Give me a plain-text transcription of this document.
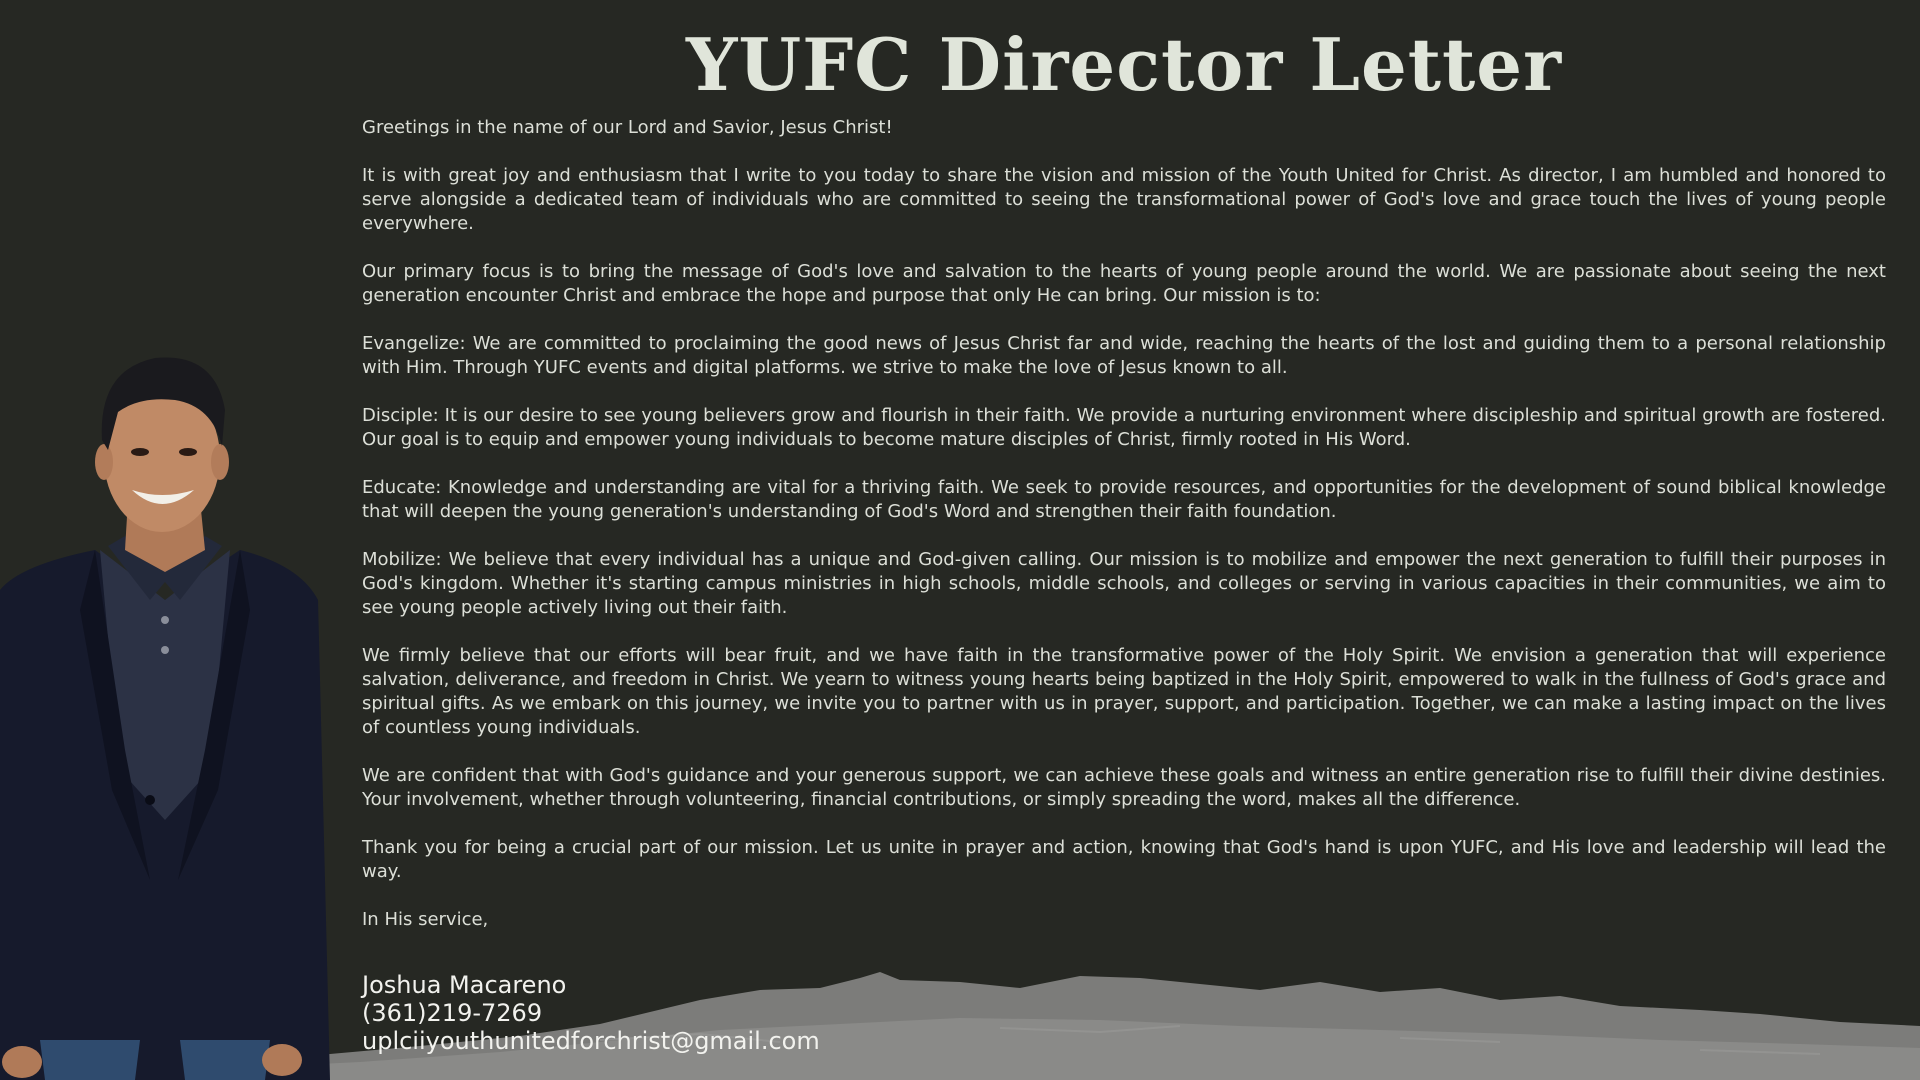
YUFC Director Letter

Greetings in the name of our Lord and Savior, Jesus Christ!

It is with great joy and enthusiasm that I write to you today to share the vision and mission of the Youth United for Christ. As director, I am humbled and honored to serve alongside a dedicated team of individuals who are committed to seeing the transformational power of God's love and grace touch the lives of young people everywhere.

Our primary focus is to bring the message of God's love and salvation to the hearts of young people around the world. We are passionate about seeing the next generation encounter Christ and embrace the hope and purpose that only He can bring. Our mission is to:

Evangelize: We are committed to proclaiming the good news of Jesus Christ far and wide, reaching the hearts of the lost and guiding them to a personal relationship with Him. Through YUFC events and digital platforms. we strive to make the love of Jesus known to all.

Disciple: It is our desire to see young believers grow and flourish in their faith. We provide a nurturing environment where discipleship and spiritual growth are fostered. Our goal is to equip and empower young individuals to become mature disciples of Christ, firmly rooted in His Word.

Educate: Knowledge and understanding are vital for a thriving faith. We seek to provide resources, and opportunities for the development of sound biblical knowledge that will deepen the young generation's understanding of God's Word and strengthen their faith foundation.

Mobilize: We believe that every individual has a unique and God-given calling. Our mission is to mobilize and empower the next generation to fulfill their purposes in God's kingdom. Whether it's starting campus ministries in high schools, middle schools, and colleges or serving in various capacities in their communities, we aim to see young people actively living out their faith.

We firmly believe that our efforts will bear fruit, and we have faith in the transformative power of the Holy Spirit. We envision a generation that will experience salvation, deliverance, and freedom in Christ. We yearn to witness young hearts being baptized in the Holy Spirit, empowered to walk in the fullness of God's grace and spiritual gifts. As we embark on this journey, we invite you to partner with us in prayer, support, and participation. Together, we can make a lasting impact on the lives of countless young individuals.

We are confident that with God's guidance and your generous support, we can achieve these goals and witness an entire generation rise to fulfill their divine destinies. Your involvement, whether through volunteering, financial contributions, or simply spreading the word, makes all the difference.

Thank you for being a crucial part of our mission. Let us unite in prayer and action, knowing that God's hand is upon YUFC, and His love and leadership will lead the way.

In His service,

Joshua Macareno
(361)219-7269
uplciiyouthunitedforchrist@gmail.com
